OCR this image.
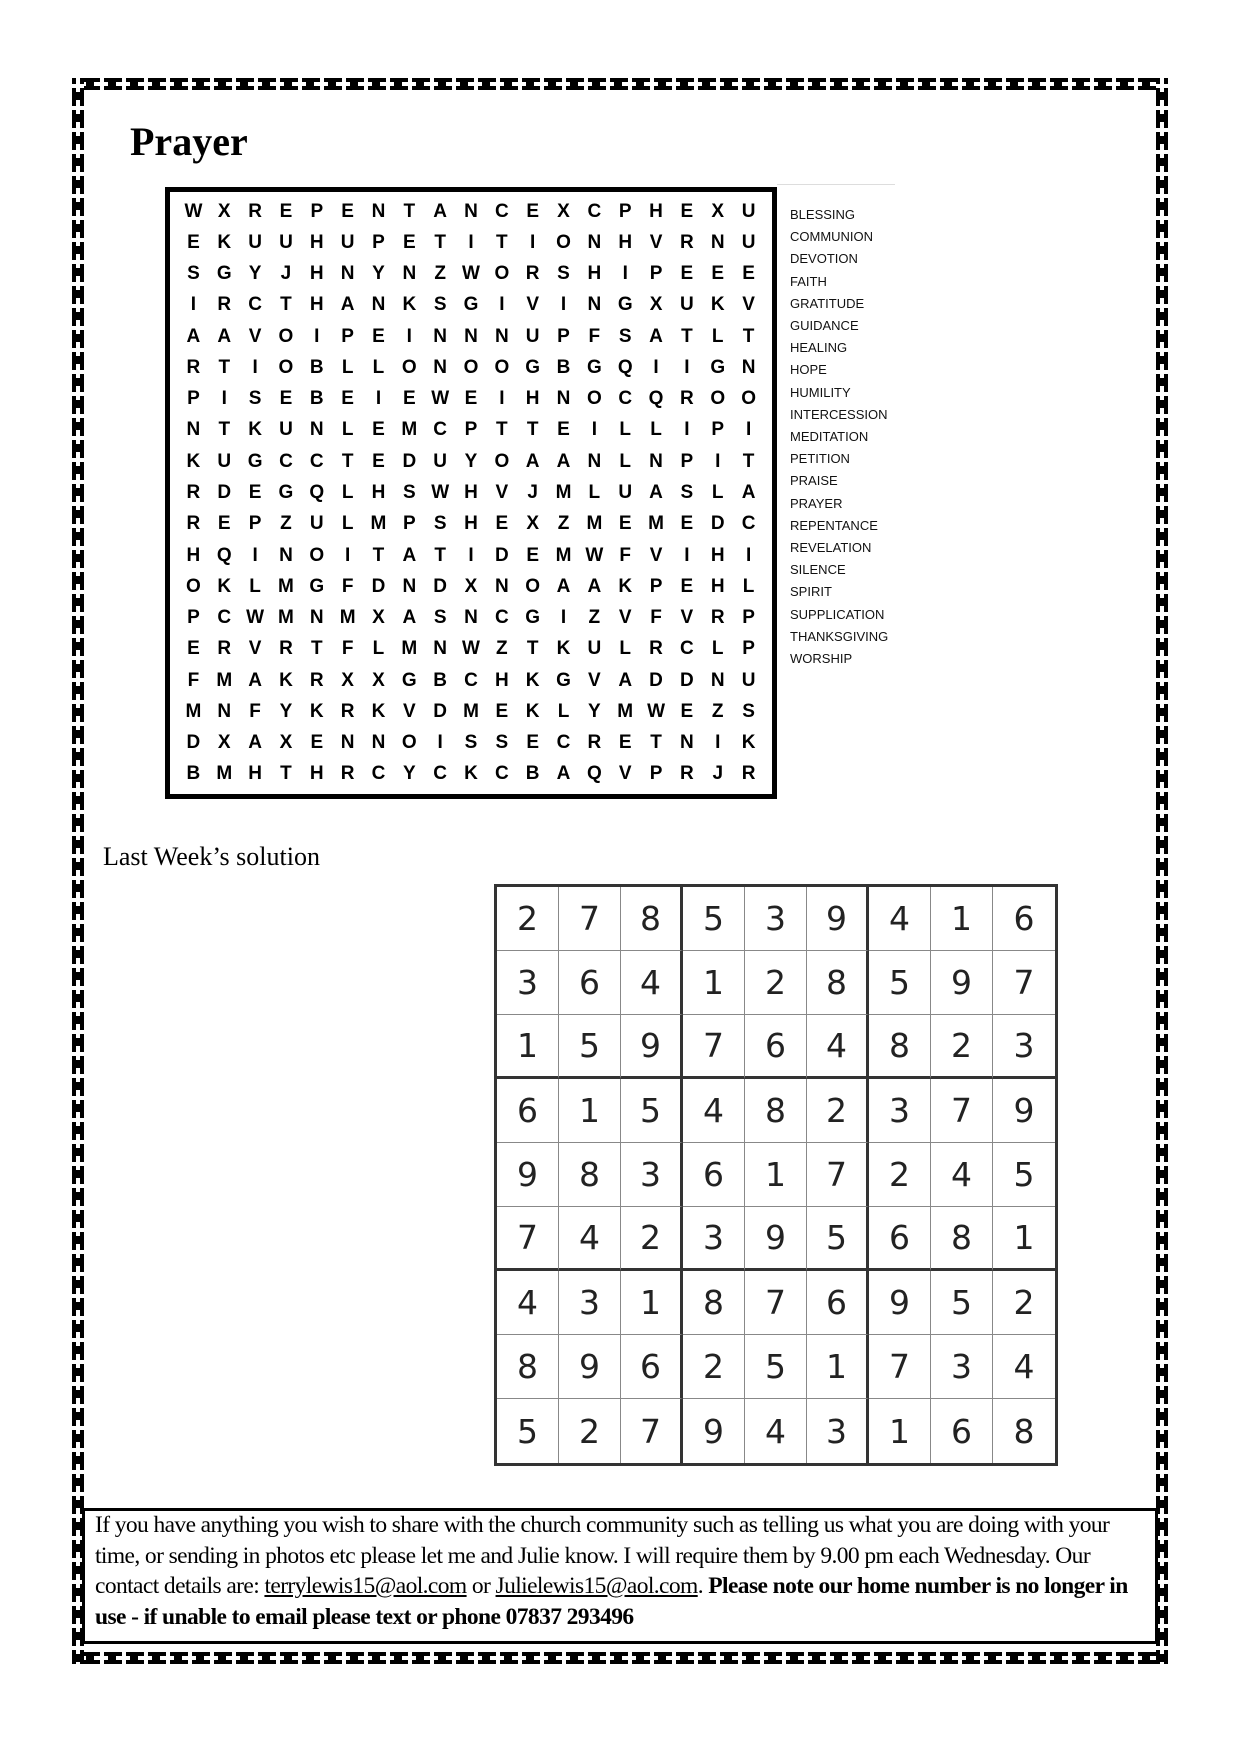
Prayer
W X R E P E N T A N C E X C P H E X U
E K U U H U P E T	I	T	I	O N H V R N U
S G Y	J H N Y N Z W O R S H	I	P E E E
I	R C T H A N K S G	I	V	I	N G X U K V
A A V O	I	P E	I	N N N U P F S A T	L	T
R T	I	O B L	L O N O O G B G Q	I	I	G N
P	I	S E B E	I	E W E	I	H N O C Q R O O
N T K U N L E M C P T	T E	I	L	L	I	P	I
K U G C C T E D U Y O A A N L N P	I	T
R D E G Q L H S W H V	J M L U A S L A
R E P Z U L M P S H E X Z M E M E D C
H Q	I	N O	I	T A T	I	D E M W F V	I	H	I
O K L M G F D N D X N O A A K P E H L
P C W M N M X A S N C G	I	Z V F V R P
E R V R T	F	L M N W Z	T K U L R C L P
F M A K R X X G B C H K G V A D D N U
M N F Y K R K V D M E K L Y M W E Z S
D X A X E N N O	I	S S E C R E T N	I	K
B M H T H R C Y C K C B A Q V P R J R
BLESSING
COMMUNION
DEVOTION
FAITH
GRATITUDE
GUIDANCE
HEALING
HOPE
HUMILITY
INTERCESSION
MEDITATION
PETITION
PRAISE
PRAYER
REPENTANCE
REVELATION
SILENCE
SPIRIT
SUPPLICATION
THANKSGIVING
WORSHIP
Last Week’s solution
2	7	8	5	3	9	4	1	6
3	6	4	1	2	8	5	9	7
1	5	9	7	6	4	8	2	3
6	1	5	4	8	2	3	7	9
9	8	3	6	1	7	2	4	5
7	4	2	3	9	5	6	8	1
4	3	1	8	7	6	9	5	2
8	9	6	2	5	1	7	3	4
5	2	7	9	4	3	1	6	8
If you have anything you wish to share with the church community such as telling us what you are doing with your time, or sending in photos etc please let me and Julie know. I will require them by 9.00 pm each Wednesday. Our contact details are: terrylewis15@aol.com or Julielewis15@aol.com. Please note our home number is no longer in use - if unable to email please text or phone 07837 293496
